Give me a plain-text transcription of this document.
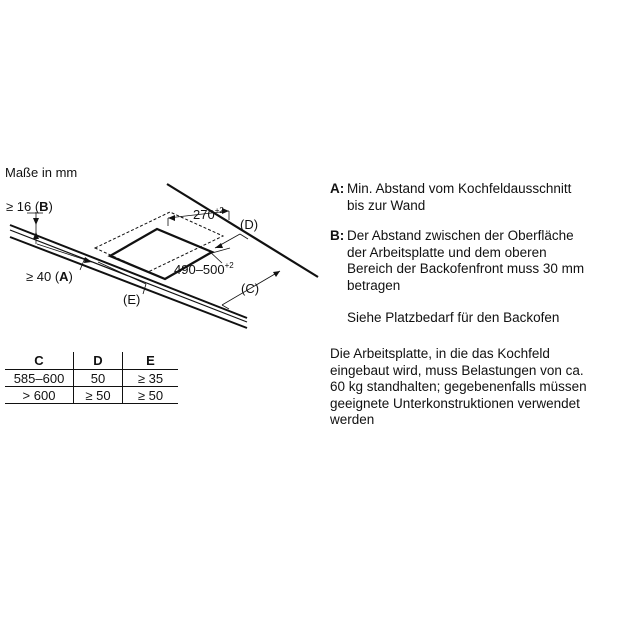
Maße in mm
≥ 16 (B)
≥ 40 (A)
(E)
$270^{+2}$
(D)
$490-500^{+2}$
(C)
C	D	E
585–600	50	≥ 35
> 600	≥ 50	≥ 50
A: Min. Abstand vom Kochfeldausschnitt
bis zur Wand
B: Der Abstand zwischen der Oberfläche
der Arbeitsplatte und dem oberen
Bereich der Backofenfront muss 30 mm
betragen
Siehe Platzbedarf für den Backofen
Die Arbeitsplatte, in die das Kochfeld
eingebaut wird, muss Belastungen von ca.
60 kg standhalten; gegebenenfalls müssen
geeignete Unterkonstruktionen verwendet
werden
